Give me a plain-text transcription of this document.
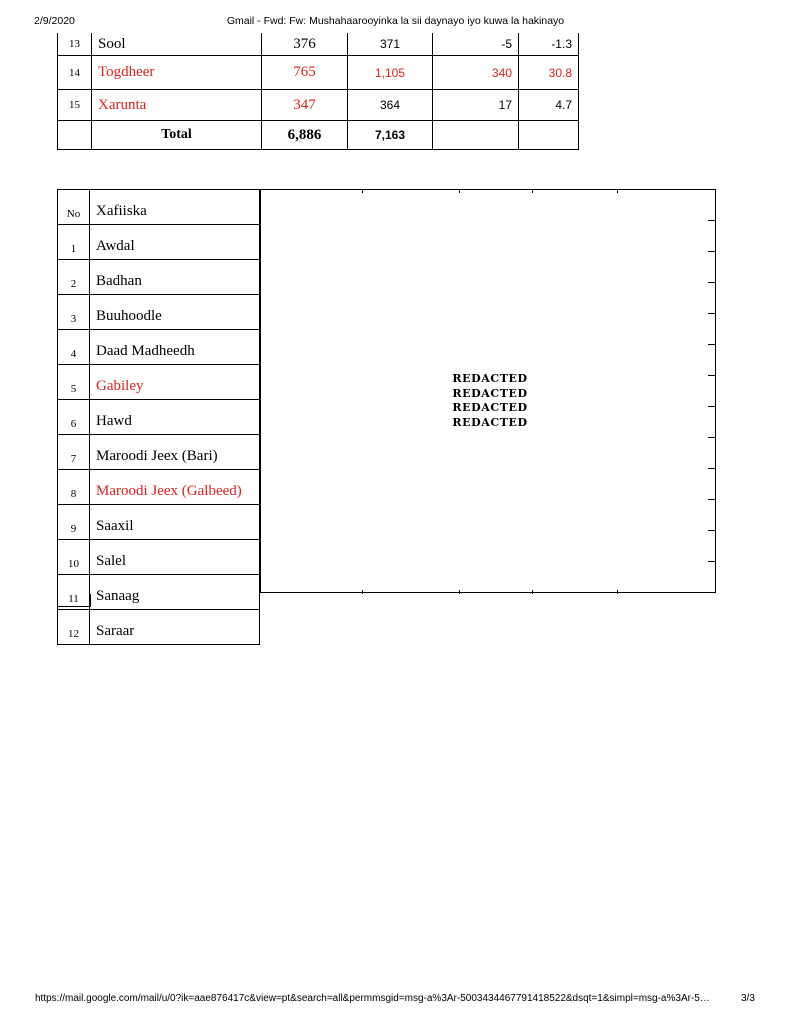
2/9/2020	Gmail - Fwd: Fw: Mushahaarooyinka la sii daynayo iyo kuwa la hakinayo
13	Sool	376	371	-5	-1.3
14	Togdheer	765	1,105	340	30.8
15	Xarunta	347	364	17	4.7
	Total	6,886	7,163		
No	Xafiiska
1	Awdal
2	Badhan
3	Buuhoodle
4	Daad Madheedh
5	Gabiley
6	Hawd
7	Maroodi Jeex (Bari)
8	Maroodi Jeex (Galbeed)
9	Saaxil
10	Salel
11	Sanaag
12	Saraar
REDACTED
REDACTED
REDACTED
REDACTED
https://mail.google.com/mail/u/0?ik=aae876417c&view=pt&search=all&permmsgid=msg-a%3Ar-5003434467791418522&dsqt=1&simpl=msg-a%3Ar-5…	3/3
